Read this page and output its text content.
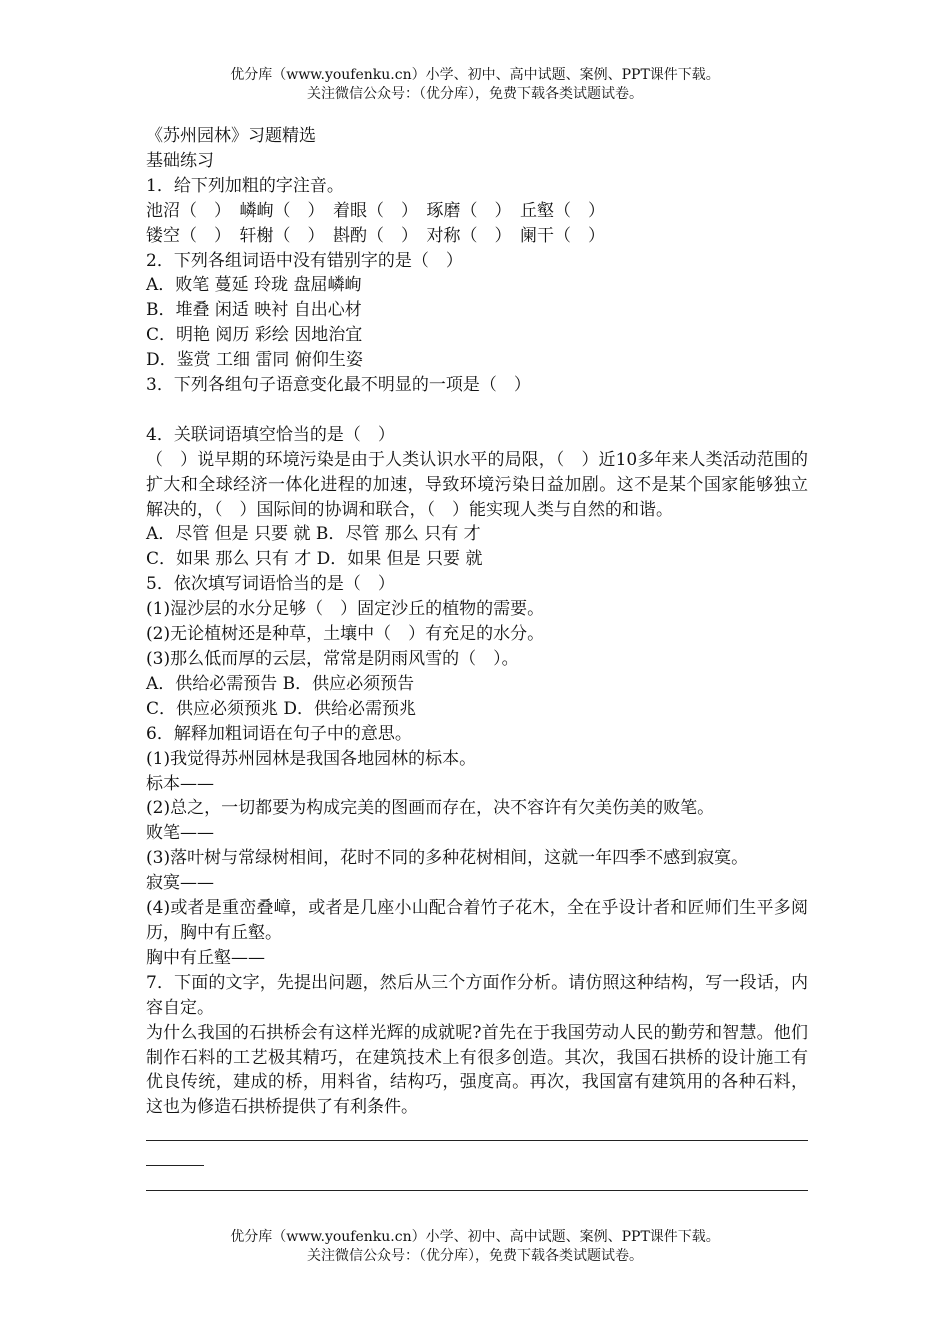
优分库（www.youfenku.cn）小学、初中、高中试题、案例、PPT课件下载。
关注微信公众号：（优分库），免费下载各类试题试卷。
《苏州园林》习题精选
基础练习
1．给下列加粗的字注音。
池沼（　）　嶙峋（　）　着眼（　）　琢磨（　）　丘壑（　）
镂空（　）　轩榭（　）　斟酌（　）　对称（　）　阑干（　）
2．下列各组词语中没有错别字的是（　）
A．败笔 蔓延 玲珑 盘屈嶙峋
B．堆叠 闲适 映衬 自出心材
C．明艳 阅历 彩绘 因地治宜
D．鉴赏 工细 雷同 俯仰生姿
3．下列各组句子语意变化最不明显的一项是（　）
4．关联词语填空恰当的是（　）
（　）说早期的环境污染是由于人类认识水平的局限，（　）近10多年来人类活动范围的扩大和全球经济一体化进程的加速，导致环境污染日益加剧。这不是某个国家能够独立解决的，（　）国际间的协调和联合，（　）能实现人类与自然的和谐。
A．尽管 但是 只要 就 B．尽管 那么 只有 才
C．如果 那么 只有 才 D．如果 但是 只要 就
5．依次填写词语恰当的是（　）
(1)湿沙层的水分足够（　）固定沙丘的植物的需要。
(2)无论植树还是种草，土壤中（　）有充足的水分。
(3)那么低而厚的云层，常常是阴雨风雪的（　）。
A．供给必需预告 B．供应必须预告
C．供应必须预兆 D．供给必需预兆
6．解释加粗词语在句子中的意思。
(1)我觉得苏州园林是我国各地园林的标本。
标本——
(2)总之，一切都要为构成完美的图画而存在，决不容许有欠美伤美的败笔。
败笔——
(3)落叶树与常绿树相间，花时不同的多种花树相间，这就一年四季不感到寂寞。
寂寞——
(4)或者是重峦叠嶂，或者是几座小山配合着竹子花木，全在乎设计者和匠师们生平多阅历，胸中有丘壑。
胸中有丘壑——
7．下面的文字，先提出问题，然后从三个方面作分析。请仿照这种结构，写一段话，内容自定。
为什么我国的石拱桥会有这样光辉的成就呢?首先在于我国劳动人民的勤劳和智慧。他们制作石料的工艺极其精巧，在建筑技术上有很多创造。其次，我国石拱桥的设计施工有优良传统，建成的桥，用料省，结构巧，强度高。再次，我国富有建筑用的各种石料，这也为修造石拱桥提供了有利条件。
优分库（www.youfenku.cn）小学、初中、高中试题、案例、PPT课件下载。
关注微信公众号：（优分库），免费下载各类试题试卷。
